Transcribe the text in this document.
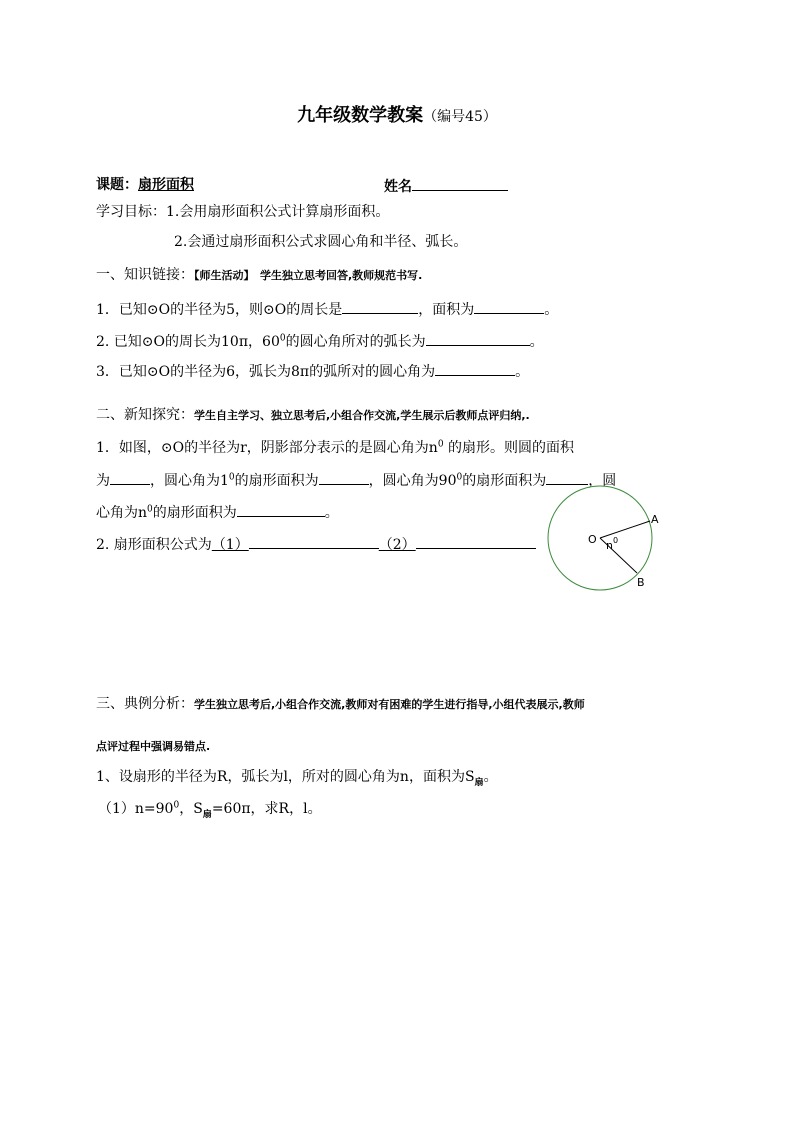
九年级数学教案（编号45）
课题：扇形面积	姓名
学习目标：1.会用扇形面积公式计算扇形面积。
2.会通过扇形面积公式求圆心角和半径、弧长。
一、知识链接：【师生活动】　学生独立思考回答,教师规范书写.
1．已知⊙O的半径为5，则⊙O的周长是	，面积为	。
2. 已知⊙O的周长为10π，$60^0$的圆心角所对的弧长为	。
3．已知⊙O的半径为6，弧长为8π的弧所对的圆心角为	。
二、新知探究：学生自主学习、独立思考后,小组合作交流,学生展示后教师点评归纳,.
1．如图，⊙O的半径为r，阴影部分表示的是圆心角为$n^0$ 的扇形。则圆的面积
为	，圆心角为$1^0$的扇形面积为	，圆心角为$90^0$的扇形面积为	，圆
心角为$n^0$的扇形面积为	。
2. 扇形面积公式为（1）	（2）	O n 0
A
B
三、典例分析：学生独立思考后,小组合作交流,教师对有困难的学生进行指导,小组代表展示,教师
点评过程中强调易错点.
1、设扇形的半径为R，弧长为l，所对的圆心角为n，面积为$S_扇$。
$(1)n=90^0$，$S_扇=60\pi$，求R，l。
